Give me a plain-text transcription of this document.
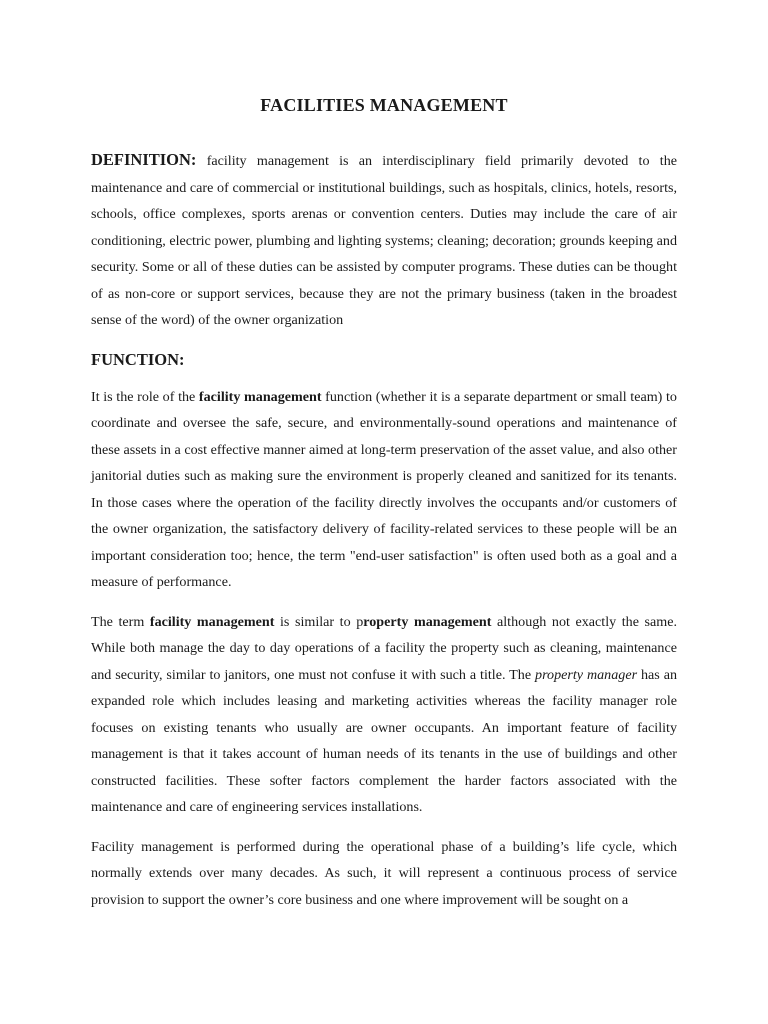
FACILITIES MANAGEMENT

DEFINITION: facility management is an interdisciplinary field primarily devoted to the maintenance and care of commercial or institutional buildings, such as hospitals, clinics, hotels, resorts, schools, office complexes, sports arenas or convention centers. Duties may include the care of air conditioning, electric power, plumbing and lighting systems; cleaning; decoration; grounds keeping and security. Some or all of these duties can be assisted by computer programs. These duties can be thought of as non-core or support services, because they are not the primary business (taken in the broadest sense of the word) of the owner organization

FUNCTION:

It is the role of the facility management function (whether it is a separate department or small team) to coordinate and oversee the safe, secure, and environmentally-sound operations and maintenance of these assets in a cost effective manner aimed at long-term preservation of the asset value, and also other janitorial duties such as making sure the environment is properly cleaned and sanitized for its tenants. In those cases where the operation of the facility directly involves the occupants and/or customers of the owner organization, the satisfactory delivery of facility-related services to these people will be an important consideration too; hence, the term "end-user satisfaction" is often used both as a goal and a measure of performance.

The term facility management is similar to property management although not exactly the same. While both manage the day to day operations of a facility the property such as cleaning, maintenance and security, similar to janitors, one must not confuse it with such a title. The property manager has an expanded role which includes leasing and marketing activities whereas the facility manager role focuses on existing tenants who usually are owner occupants. An important feature of facility management is that it takes account of human needs of its tenants in the use of buildings and other constructed facilities. These softer factors complement the harder factors associated with the maintenance and care of engineering services installations.

Facility management is performed during the operational phase of a building’s life cycle, which normally extends over many decades. As such, it will represent a continuous process of service provision to support the owner’s core business and one where improvement will be sought on a
